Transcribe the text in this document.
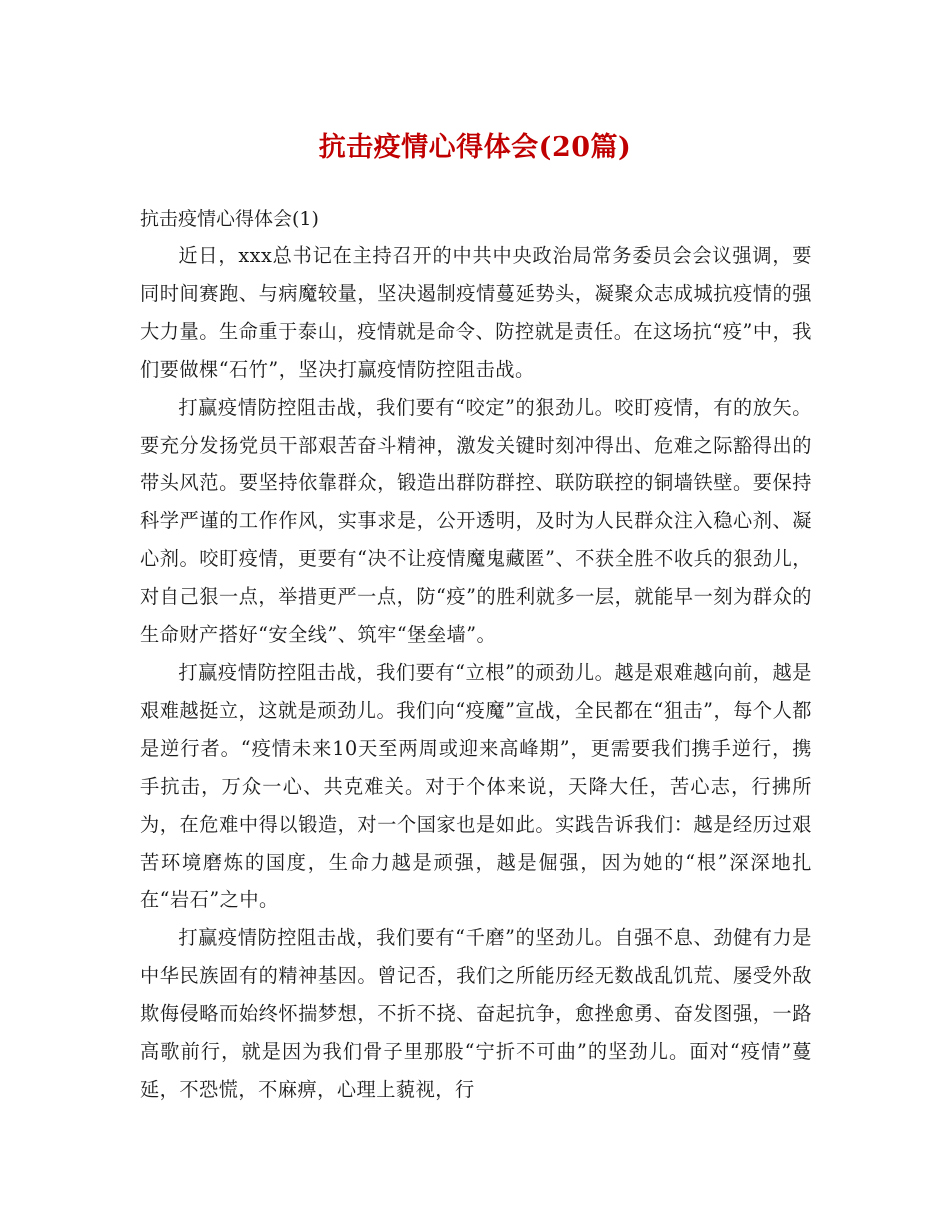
抗击疫情心得体会(20篇)
抗击疫情心得体会(1)

近日，xxx总书记在主持召开的中共中央政治局常务委员会会议强调，要同时间赛跑、与病魔较量，坚决遏制疫情蔓延势头，凝聚众志成城抗疫情的强大力量。生命重于泰山，疫情就是命令、防控就是责任。在这场抗“疫”中，我们要做棵“石竹”，坚决打赢疫情防控阻击战。

打赢疫情防控阻击战，我们要有“咬定”的狠劲儿。咬盯疫情，有的放矢。要充分发扬党员干部艰苦奋斗精神，激发关键时刻冲得出、危难之际豁得出的带头风范。要坚持依靠群众，锻造出群防群控、联防联控的铜墙铁壁。要保持科学严谨的工作作风，实事求是，公开透明，及时为人民群众注入稳心剂、凝心剂。咬盯疫情，更要有“决不让疫情魔鬼藏匿”、不获全胜不收兵的狠劲儿，对自己狠一点，举措更严一点，防“疫”的胜利就多一层，就能早一刻为群众的生命财产搭好“安全线”、筑牢“堡垒墙”。

打赢疫情防控阻击战，我们要有“立根”的顽劲儿。越是艰难越向前，越是艰难越挺立，这就是顽劲儿。我们向“疫魔”宣战，全民都在“狙击”，每个人都是逆行者。“疫情未来10天至两周或迎来高峰期”，更需要我们携手逆行，携手抗击，万众一心、共克难关。对于个体来说，天降大任，苦心志，行拂所为，在危难中得以锻造，对一个国家也是如此。实践告诉我们：越是经历过艰苦环境磨炼的国度，生命力越是顽强，越是倔强，因为她的“根”深深地扎在“岩石”之中。

打赢疫情防控阻击战，我们要有“千磨”的坚劲儿。自强不息、劲健有力是中华民族固有的精神基因。曾记否，我们之所能历经无数战乱饥荒、屡受外敌欺侮侵略而始终怀揣梦想，不折不挠、奋起抗争，愈挫愈勇、奋发图强，一路高歌前行，就是因为我们骨子里那股“宁折不可曲”的坚劲儿。面对“疫情”蔓延，不恐慌，不麻痹，心理上藐视，行
